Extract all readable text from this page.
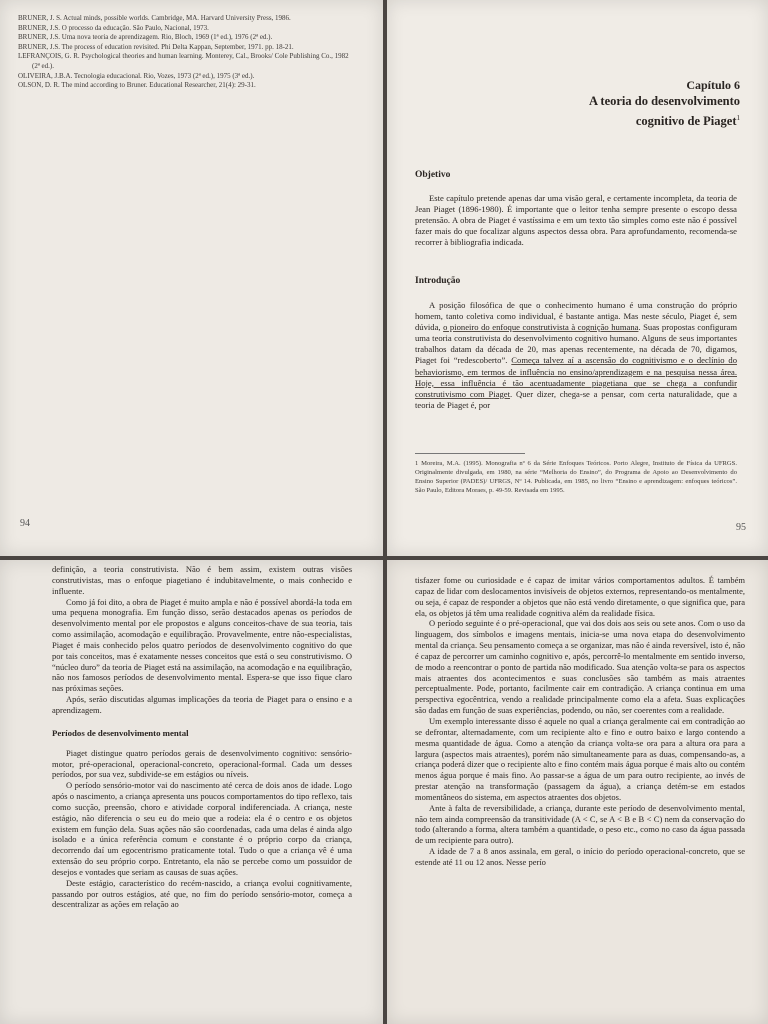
BRUNER, J. S. Actual minds, possible worlds. Cambridge, MA. Harvard University Press, 1986.

BRUNER, J.S. O processo da educação. São Paulo, Nacional, 1973.

BRUNER, J.S. Uma nova teoria de aprendizagem. Rio, Bloch, 1969 (1ª ed.), 1976 (2ª ed.).

BRUNER, J.S. The process of education revisited. Phi Delta Kappan, September, 1971. pp. 18-21.

LEFRANÇOIS, G. R. Psychological theories and human learning. Monterey, Cal., Brooks/ Cole Publishing Co., 1982 (2ª ed.).

OLIVEIRA, J.B.A. Tecnologia educacional. Rio, Vozes, 1973 (2ª ed.), 1975 (3ª ed.).

OLSON, D. R. The mind according to Bruner. Educational Researcher, 21(4): 29-31.

94
Capítulo 6
A teoria do desenvolvimento
cognitivo de Piaget$^1$
Objetivo

Este capítulo pretende apenas dar uma visão geral, e certamente incompleta, da teoria de Jean Piaget (1896-1980). É importante que o leitor tenha sempre presente o escopo dessa pretensão. A obra de Piaget é vastíssima e em um texto tão simples como este não é possível fazer mais do que focalizar alguns aspectos dessa obra. Para aprofundamento, recomenda-se recorrer à bibliografia indicada.

Introdução

A posição filosófica de que o conhecimento humano é uma construção do próprio homem, tanto coletiva como individual, é bastante antiga. Mas neste século, Piaget é, sem dúvida, o pioneiro do enfoque construtivista à cognição humana. Suas propostas configuram uma teoria construtivista do desenvolvimento cognitivo humano. Alguns de seus importantes trabalhos datam da década de 20, mas apenas recentemente, na década de 70, digamos, Piaget foi “redescoberto”. Começa talvez aí a ascensão do cognitivismo e o declínio do behaviorismo, em termos de influência no ensino/aprendizagem e na pesquisa nessa área. Hoje, essa influência é tão acentuadamente piagetiana que se chega a confundir construtivismo com Piaget. Quer dizer, chega-se a pensar, com certa naturalidade, que a teoria de Piaget é, por

1 Moreira, M.A. (1995). Monografia nº 6 da Série Enfoques Teóricos. Porto Alegre, Instituto de Física da UFRGS. Originalmente divulgada, em 1980, na série “Melhoria do Ensino”, do Programa de Apoio ao Desenvolvimento do Ensino Superior (PADES)/ UFRGS, Nº 14. Publicada, em 1985, no livro “Ensino e aprendizagem: enfoques teóricos”. São Paulo, Editora Moraes, p. 49-59. Revisada em 1995.

95

definição, a teoria construtivista. Não é bem assim, existem outras visões construtivistas, mas o enfoque piagetiano é indubitavelmente, o mais conhecido e influente.

Como já foi dito, a obra de Piaget é muito ampla e não é possível abordá-la toda em uma pequena monografia. Em função disso, serão destacados apenas os períodos de desenvolvimento mental por ele propostos e alguns conceitos-chave de sua teoria, tais como assimilação, acomodação e equilibração. Provavelmente, entre não-especialistas, Piaget é mais conhecido pelos quatro períodos de desenvolvimento cognitivo do que por tais conceitos, mas é exatamente nesses conceitos que está o seu construtivismo. O “núcleo duro” da teoria de Piaget está na assimilação, na acomodação e na equilibração, não nos famosos períodos de desenvolvimento mental. Espera-se que isso fique claro nas próximas seções.

Após, serão discutidas algumas implicações da teoria de Piaget para o ensino e a aprendizagem.

Períodos de desenvolvimento mental

Piaget distingue quatro períodos gerais de desenvolvimento cognitivo: sensório-motor, pré-operacional, operacional-concreto, operacional-formal. Cada um desses períodos, por sua vez, subdivide-se em estágios ou níveis.

O período sensório-motor vai do nascimento até cerca de dois anos de idade. Logo após o nascimento, a criança apresenta uns poucos comportamentos do tipo reflexo, tais como sucção, preensão, choro e atividade corporal indiferenciada. A criança, neste estágio, não diferencia o seu eu do meio que a rodeia: ela é o centro e os objetos existem em função dela. Suas ações não são coordenadas, cada uma delas é ainda algo isolado e a única referência comum e constante é o próprio corpo da criança, decorrendo daí um egocentrismo praticamente total. Tudo o que a criança vê é uma extensão do seu próprio corpo. Entretanto, ela não se percebe como um possuidor de desejos e vontades que seriam as causas de suas ações.

Deste estágio, característico do recém-nascido, a criança evolui cognitivamente, passando por outros estágios, até que, no fim do período sensório-motor, começa a descentralizar as ações em relação ao

tisfazer fome ou curiosidade e é capaz de imitar vários comportamentos adultos. É também capaz de lidar com deslocamentos invisíveis de objetos externos, representando-os mentalmente, ou seja, é capaz de responder a objetos que não está vendo diretamente, o que significa que, para ela, os objetos já têm uma realidade cognitiva além da realidade física.

O período seguinte é o pré-operacional, que vai dos dois aos seis ou sete anos. Com o uso da linguagem, dos símbolos e imagens mentais, inicia-se uma nova etapa do desenvolvimento mental da criança. Seu pensamento começa a se organizar, mas não é ainda reversível, isto é, não é capaz de percorrer um caminho cognitivo e, após, percorrê-lo mentalmente em sentido inverso, de modo a reencontrar o ponto de partida não modificado. Sua atenção volta-se para os aspectos mais atraentes dos acontecimentos e suas conclusões são também as mais atraentes perceptualmente. Pode, portanto, facilmente cair em contradição. A criança continua em uma perspectiva egocêntrica, vendo a realidade principalmente como ela a afeta. Suas explicações são dadas em função de suas experiências, podendo, ou não, ser coerentes com a realidade.

Um exemplo interessante disso é aquele no qual a criança geralmente cai em contradição ao se defrontar, alternadamente, com um recipiente alto e fino e outro baixo e largo contendo a mesma quantidade de água. Como a atenção da criança volta-se ora para a altura ora para a largura (aspectos mais atraentes), porém não simultaneamente para as duas, compensando-as, a criança poderá dizer que o recipiente alto e fino contém mais água porque é mais alto ou contém menos água porque é mais fino. Ao passar-se a água de um para outro recipiente, ao invés de prestar atenção na transformação (passagem da água), a criança detém-se em estados momentâneos do sistema, em aspectos atraentes dos objetos.

Ante à falta de reversibilidade, a criança, durante este período de desenvolvimento mental, não tem ainda compreensão da transitividade (A < C, se A < B e B < C) nem da conservação do todo (alterando a forma, altera também a quantidade, o peso etc., como no caso da água passada de um recipiente para outro).

A idade de 7 a 8 anos assinala, em geral, o início do período operacional-concreto, que se estende até 11 ou 12 anos. Nesse perío
